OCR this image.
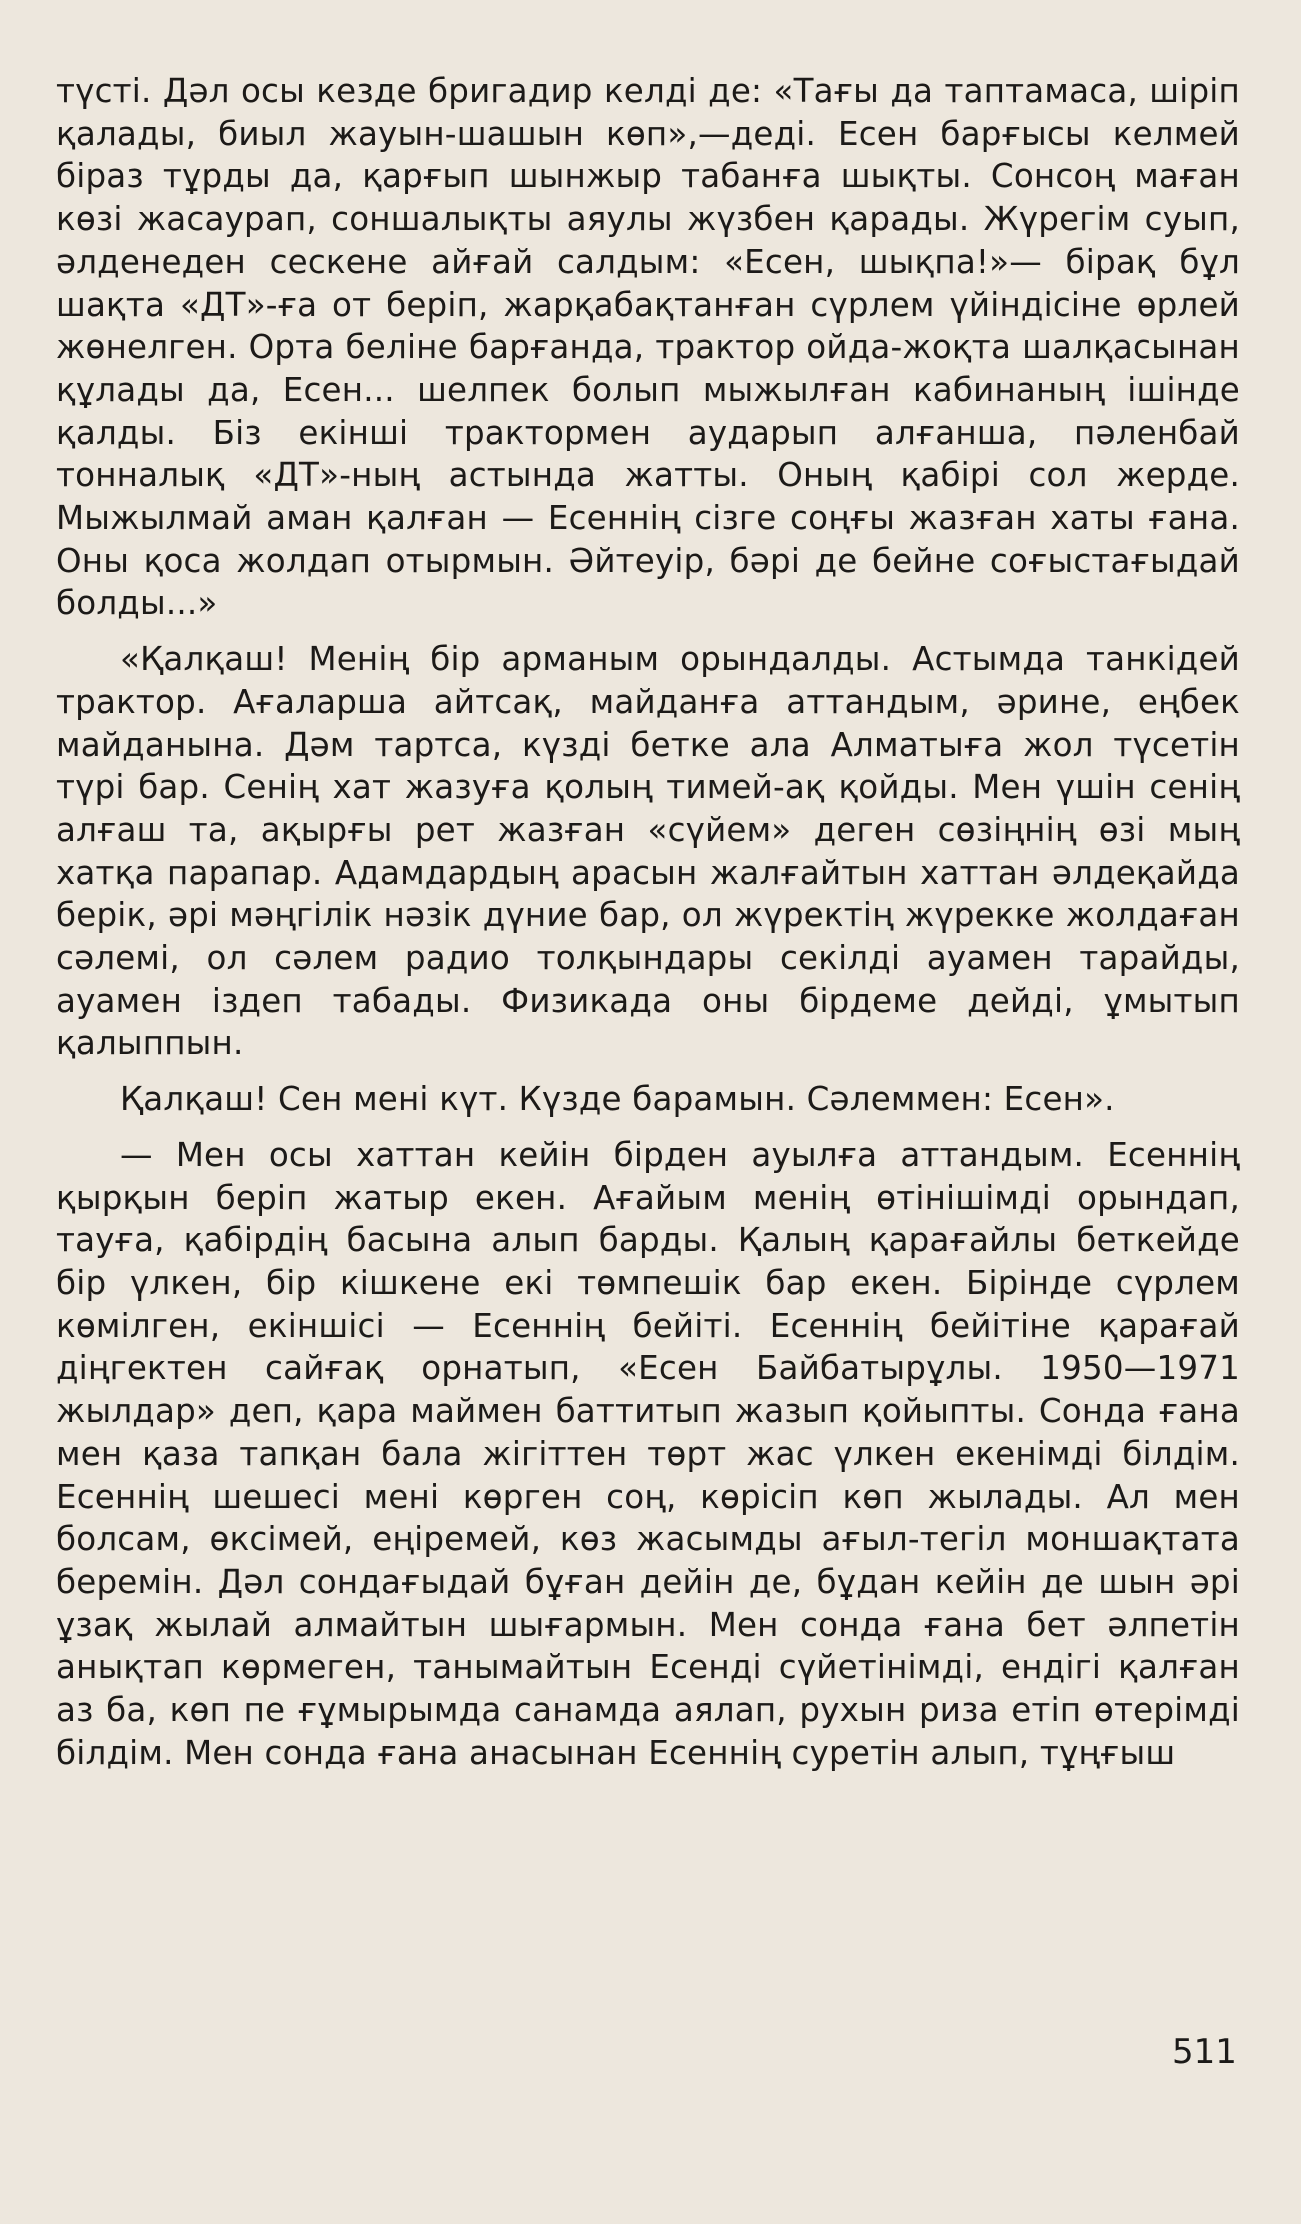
түсті. Дәл осы кезде бригадир келді де: «Тағы да таптамаса, шіріп қалады, биыл жауын-шашын көп»,—деді. Есен барғысы келмей біраз тұрды да, қарғып шынжыр табанға шықты. Сонсоң маған көзі жасаурап, соншалықты аяулы жүзбен қарады. Жүрегім суып, әлденеден сескене айғай салдым: «Есен, шықпа!»— бірақ бұл шақта «ДТ»-ға от беріп, жарқабақтанған сүрлем үйіндісіне өрлей жөнелген. Орта беліне барғанда, трактор ойда-жоқта шалқасынан құлады да, Есен... шелпек болып мыжылған кабинаның ішінде қалды. Біз екінші трактормен аударып алғанша, пәленбай тонналық «ДТ»-ның астында жатты. Оның қабірі сол жерде. Мыжылмай аман қалған — Есеннің сізге соңғы жазған хаты ғана. Оны қоса жолдап отырмын. Әйтеуір, бәрі де бейне соғыстағыдай болды...»

«Қалқаш! Менің бір арманым орындалды. Астымда танкідей трактор. Ағаларша айтсақ, майданға аттандым, әрине, еңбек майданына. Дәм тартса, күзді бетке ала Алматыға жол түсетін түрі бар. Сенің хат жазуға қолың тимей-ақ қойды. Мен үшін сенің алғаш та, ақырғы рет жазған «сүйем» деген сөзіңнің өзі мың хатқа парапар. Адамдардың арасын жалғайтын хаттан әлдеқайда берік, әрі мәңгілік нәзік дүние бар, ол жүректің жүрекке жолдаған сәлемі, ол сәлем радио толқындары секілді ауамен тарайды, ауамен іздеп табады. Физикада оны бірдеме дейді, ұмытып қалыппын.

Қалқаш! Сен мені күт. Күзде барамын. Сәлеммен: Есен».

— Мен осы хаттан кейін бірден ауылға аттандым. Есеннің қырқын беріп жатыр екен. Ағайым менің өтінішімді орындап, тауға, қабірдің басына алып барды. Қалың қарағайлы беткейде бір үлкен, бір кішкене екі төмпешік бар екен. Бірінде сүрлем көмілген, екіншісі — Есеннің бейіті. Есеннің бейітіне қарағай діңгектен сайғақ орнатып, «Есен Байбатырұлы. 1950—1971 жылдар» деп, қара маймен баттитып жазып қойыпты. Сонда ғана мен қаза тапқан бала жігіттен төрт жас үлкен екенімді білдім. Есеннің шешесі мені көрген соң, көрісіп көп жылады. Ал мен болсам, өксімей, еңіремей, көз жасымды ағыл-тегіл моншақтата беремін. Дәл сондағыдай бұған дейін де, бұдан кейін де шын әрі ұзақ жылай алмайтын шығармын. Мен сонда ғана бет әлпетін анықтап көрмеген, танымайтын Есенді сүйетінімді, ендігі қалған аз ба, көп пе ғұмырымда санамда аялап, рухын риза етіп өтерімді білдім. Мен сонда ғана анасынан Есеннің суретін алып, тұңғыш

511
